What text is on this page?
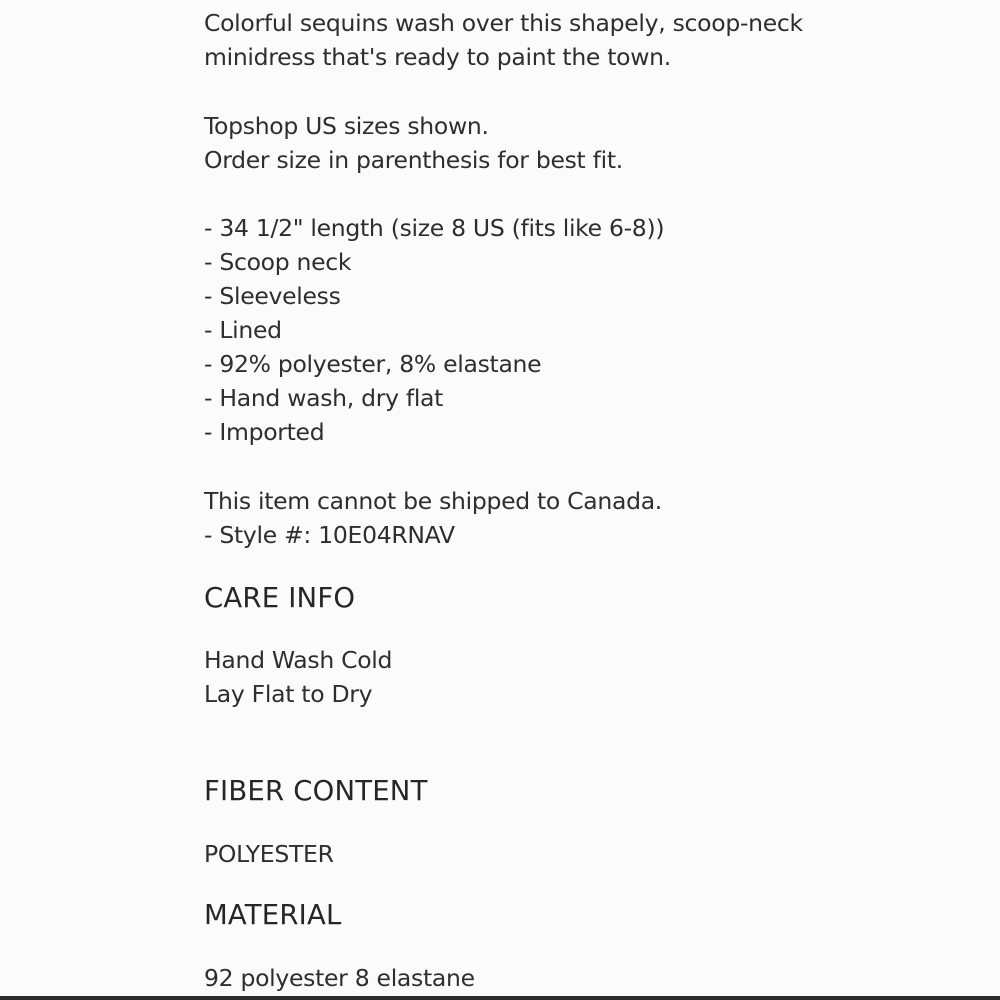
Colorful sequins wash over this shapely, scoop-neck
minidress that's ready to paint the town.
Topshop US sizes shown.
Order size in parenthesis for best fit.
- 34 1/2" length (size 8 US (fits like 6-8))
- Scoop neck
- Sleeveless
- Lined
- 92% polyester, 8% elastane
- Hand wash, dry flat
- Imported
This item cannot be shipped to Canada.
- Style #: 10E04RNAV
CARE INFO
Hand Wash Cold
Lay Flat to Dry
FIBER CONTENT
POLYESTER
MATERIAL
92 polyester 8 elastane
